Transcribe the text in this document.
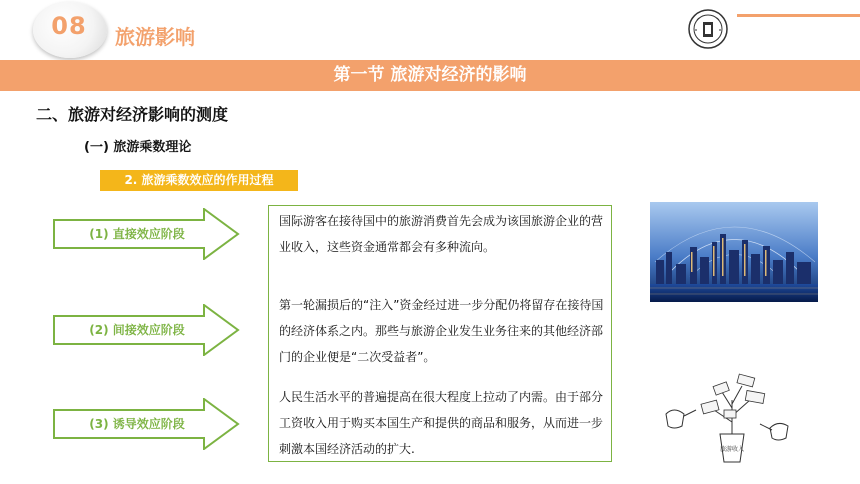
08	旅游影响
第一节 旅游对经济的影响
二、旅游对经济影响的测度
(一) 旅游乘数理论
2. 旅游乘数效应的作用过程
(1) 直接效应阶段
(2) 间接效应阶段
(3) 诱导效应阶段
国际游客在接待国中的旅游消费首先会成为该国旅游企业的营业收入，这些资金通常都会有多种流向。
第一轮漏损后的“注入”资金经过进一步分配仍将留存在接待国的经济体系之内。那些与旅游企业发生业务往来的其他经济部门的企业便是“二次受益者”。
人民生活水平的普遍提高在很大程度上拉动了内需。由于部分工资收入用于购买本国生产和提供的商品和服务，从而进一步刺激本国经济活动的扩大.	旅游收入
